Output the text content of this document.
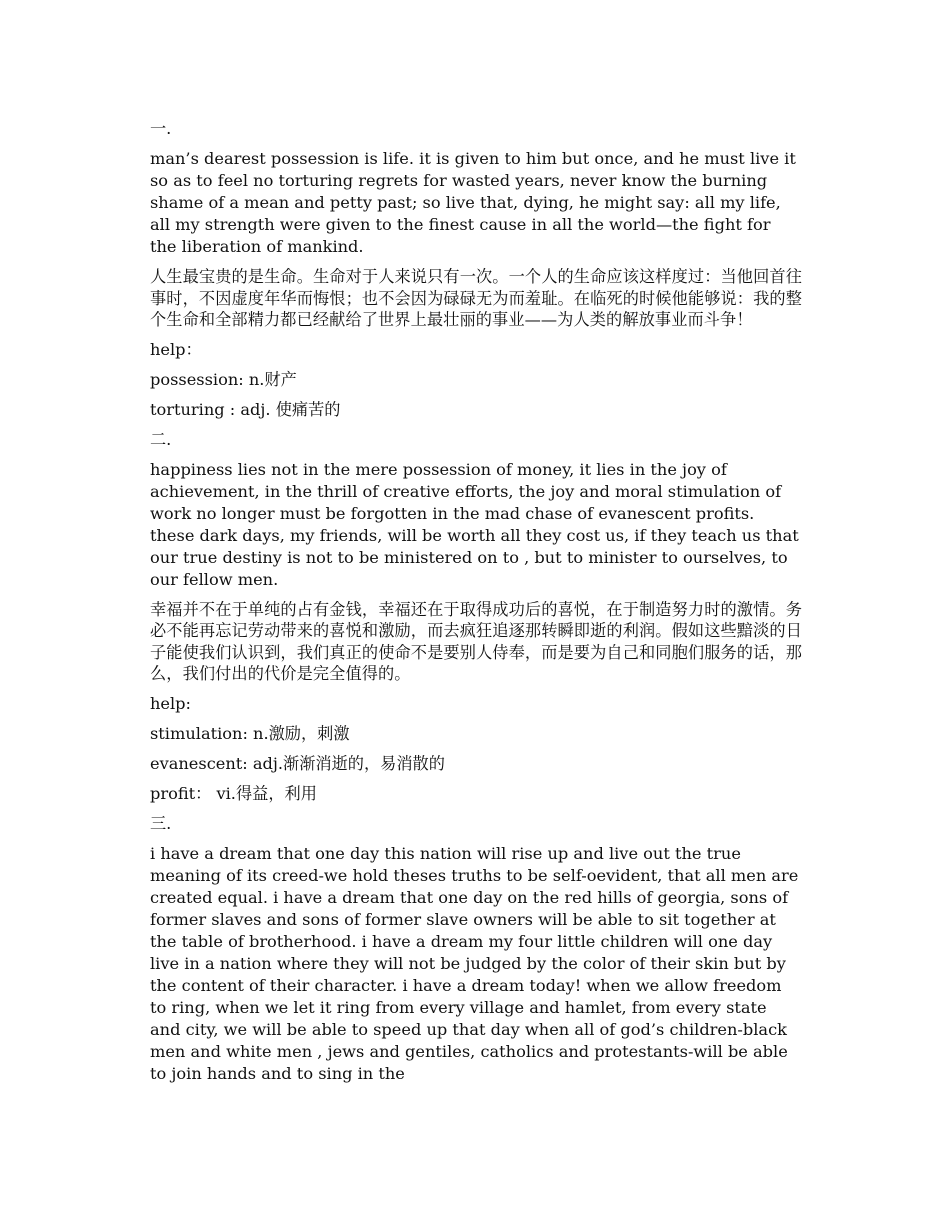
一.

man’s dearest possession is life. it is given to him but once, and he must live it so as to feel no torturing regrets for wasted years, never know the burning shame of a mean and petty past; so live that, dying, he might say: all my life, all my strength were given to the finest cause in all the world—the fight for the liberation of mankind.

人生最宝贵的是生命。生命对于人来说只有一次。一个人的生命应该这样度过：当他回首往事时，不因虚度年华而悔恨；也不会因为碌碌无为而羞耻。在临死的时候他能够说：我的整个生命和全部精力都已经献给了世界上最壮丽的事业——为人类的解放事业而斗争！

help：

possession: n.财产

torturing : adj. 使痛苦的

二.

happiness lies not in the mere possession of money, it lies in the joy of achievement, in the thrill of creative efforts, the joy and moral stimulation of work no longer must be forgotten in the mad chase of evanescent profits. these dark days, my friends, will be worth all they cost us, if they teach us that our true destiny is not to be ministered on to , but to minister to ourselves, to our fellow men.

幸福并不在于单纯的占有金钱，幸福还在于取得成功后的喜悦，在于制造努力时的激情。务必不能再忘记劳动带来的喜悦和激励，而去疯狂追逐那转瞬即逝的利润。假如这些黯淡的日子能使我们认识到，我们真正的使命不是要别人侍奉，而是要为自己和同胞们服务的话，那么，我们付出的代价是完全值得的。

help:

stimulation: n.激励，刺激

evanescent: adj.渐渐消逝的，易消散的

profit： vi.得益，利用

三.

i have a dream that one day this nation will rise up and live out the true meaning of its creed-we hold theses truths to be self-oevident, that all men are created equal. i have a dream that one day on the red hills of georgia, sons of former slaves and sons of former slave owners will be able to sit together at the table of brotherhood. i have a dream my four little children will one day live in a nation where they will not be judged by the color of their skin but by the content of their character. i have a dream today! when we allow freedom to ring, when we let it ring from every village and hamlet, from every state and city, we will be able to speed up that day when all of god’s children-black men and white men , jews and gentiles, catholics and protestants-will be able to join hands and to sing in the
